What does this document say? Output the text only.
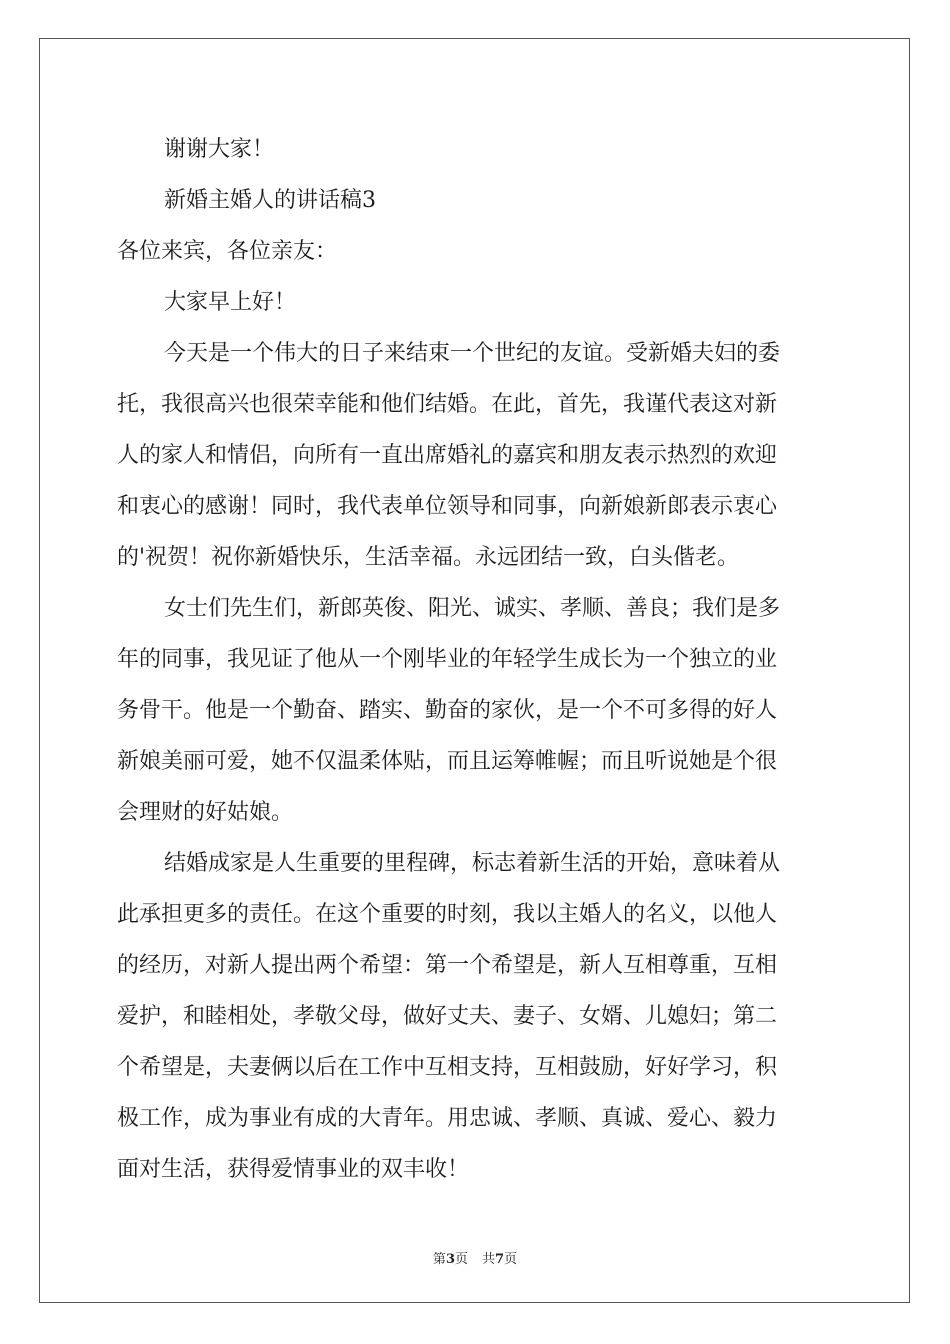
谢谢大家！

新婚主婚人的讲话稿3

各位来宾，各位亲友：

大家早上好！

今天是一个伟大的日子来结束一个世纪的友谊。受新婚夫妇的委

托，我很高兴也很荣幸能和他们结婚。在此，首先，我谨代表这对新

人的家人和情侣，向所有一直出席婚礼的嘉宾和朋友表示热烈的欢迎

和衷心的感谢！同时，我代表单位领导和同事，向新娘新郎表示衷心

的'祝贺！祝你新婚快乐，生活幸福。永远团结一致，白头偕老。

女士们先生们，新郎英俊、阳光、诚实、孝顺、善良；我们是多

年的同事，我见证了他从一个刚毕业的年轻学生成长为一个独立的业

务骨干。他是一个勤奋、踏实、勤奋的家伙，是一个不可多得的好人

新娘美丽可爱，她不仅温柔体贴，而且运筹帷幄；而且听说她是个很

会理财的好姑娘。

结婚成家是人生重要的里程碑，标志着新生活的开始，意味着从

此承担更多的责任。在这个重要的时刻，我以主婚人的名义，以他人

的经历，对新人提出两个希望：第一个希望是，新人互相尊重，互相

爱护，和睦相处，孝敬父母，做好丈夫、妻子、女婿、儿媳妇；第二

个希望是，夫妻俩以后在工作中互相支持，互相鼓励，好好学习，积

极工作，成为事业有成的大青年。用忠诚、孝顺、真诚、爱心、毅力

面对生活，获得爱情事业的双丰收！

第3页 共7页
